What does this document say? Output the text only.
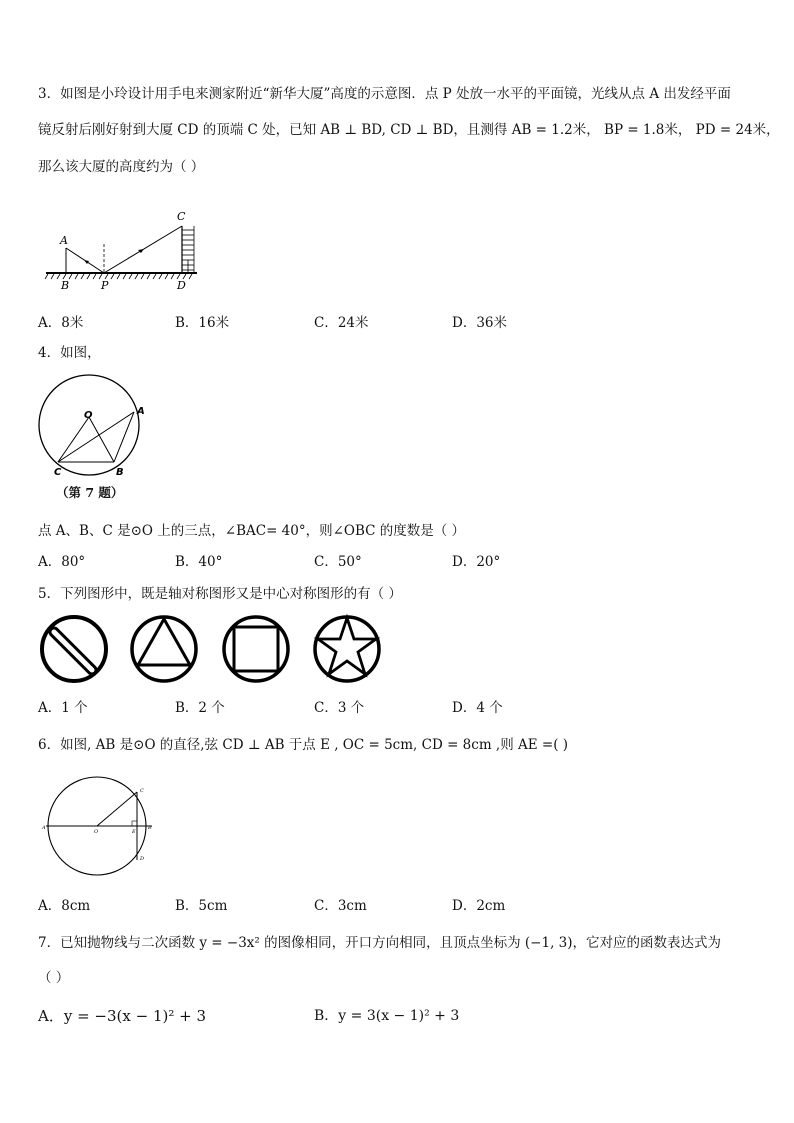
3．如图是小玲设计用手电来测家附近“新华大厦”高度的示意图．点 P 处放一水平的平面镜，光线从点 A 出发经平面
镜反射后刚好射到大厦 CD 的顶端 C 处，已知 AB ⊥ BD, CD ⊥ BD，且测得 AB = 1.2米， BP = 1.8米， PD = 24米，
那么该大厦的高度约为（ ）
A
B	P
C
D
A．8米	B．16米	C．24米	D．36米
4．如图，
O	A
B
C
（第 7 题）
点 A、B、C 是⊙O 上的三点，∠BAC= 40°，则∠OBC 的度数是（ ）
A．80°	B．40°	C．50°	D．20°
5．下列图形中，既是轴对称图形又是中心对称图形的有（ ）
A．1 个	B．2 个	C．3 个	D．4 个
6．如图, AB 是⊙O 的直径,弦 CD ⊥ AB 于点 E , OC = 5cm, CD = 8cm ,则 AE =( )
A
O	E
B
C
D
A．8cm	B．5cm	C．3cm	D．2cm
7．已知抛物线与二次函数 y = −3x² 的图像相同，开口方向相同，且顶点坐标为 (−1, 3)，它对应的函数表达式为
（ ）
A．y = −3(x − 1)² + 3	B．y = 3(x − 1)² + 3
